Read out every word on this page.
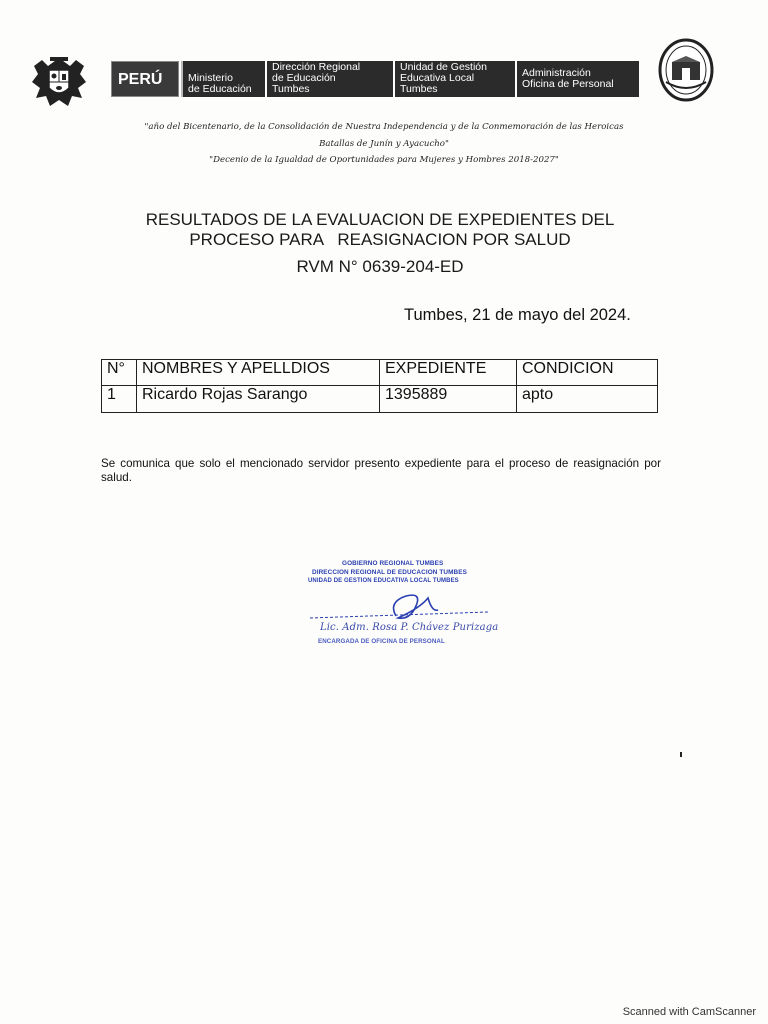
PERÚ	Ministerio
de Educación
Dirección Regional
de Educación
Tumbes
Unidad de Gestión
Educativa Local
Tumbes
Administración
Oficina de Personal
"año del Bicentenario, de la Consolidación de Nuestra Independencia y de la Conmemoración de las Heroicas
Batallas de Junín y Ayacucho"
"Decenio de la Igualdad de Oportunidades para Mujeres y Hombres 2018-2027"
RESULTADOS DE LA EVALUACION DE EXPEDIENTES DEL
PROCESO PARA   REASIGNACION POR SALUD
RVM N° 0639-204-ED
Tumbes, 21 de mayo del 2024.
N°	NOMBRES Y APELLDIOS	EXPEDIENTE	CONDICION
1	Ricardo Rojas Sarango	1395889	apto
Se comunica que solo el mencionado servidor presento expediente para el proceso de reasignación por salud.
GOBIERNO REGIONAL TUMBES
DIRECCION REGIONAL DE EDUCACION TUMBES
UNIDAD DE GESTION EDUCATIVA LOCAL TUMBES
Lic. Adm. Rosa P. Chávez Purizaga
ENCARGADA DE OFICINA DE PERSONAL
Scanned with CamScanner
